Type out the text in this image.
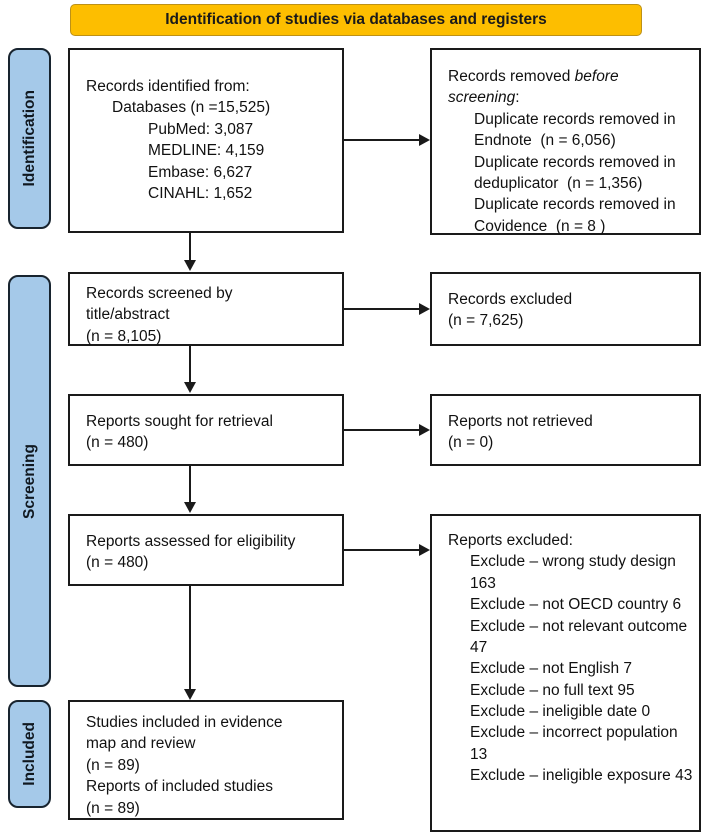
Identification of studies via databases and registers
Identification
Screening
Included
Records identified from:
Databases (n =15,525)
PubMed: 3,087
MEDLINE: 4,159
Embase: 6,627
CINAHL: 1,652
Records screened by
title/abstract
(n = 8,105)
Reports sought for retrieval
(n = 480)
Reports assessed for eligibility
(n = 480)
Studies included in evidence
map and review
(n = 89)
Reports of included studies
(n = 89)
Records removed before screening:
Duplicate records removed in Endnote  (n = 6,056)
Duplicate records removed in deduplicator  (n = 1,356)
Duplicate records removed in Covidence  (n = 8 )
Records excluded
(n = 7,625)
Reports not retrieved
(n = 0)
Reports excluded:
Exclude – wrong study design 163
Exclude – not OECD country 6
Exclude – not relevant outcome 47
Exclude – not English 7
Exclude – no full text 95
Exclude – ineligible date 0
Exclude – incorrect population 13
Exclude – ineligible exposure 43
